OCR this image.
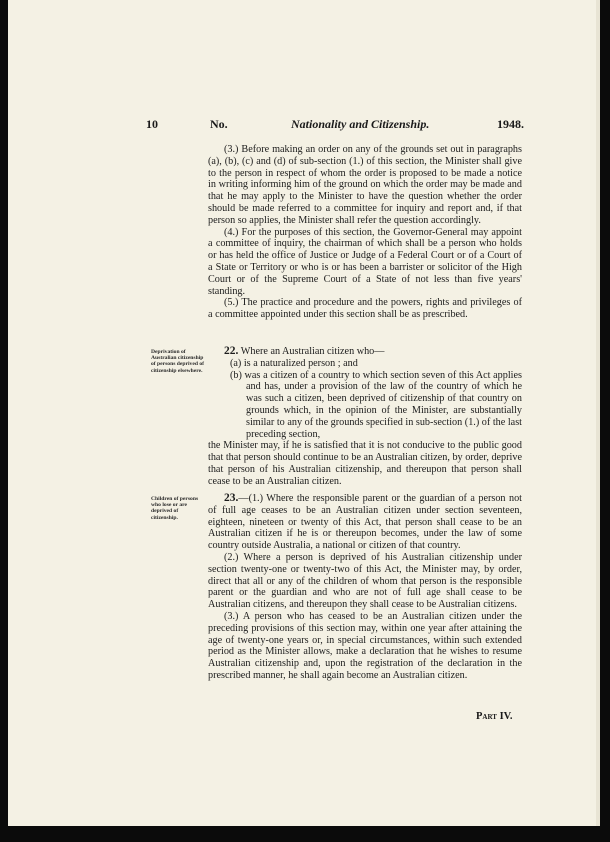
10	No.	Nationality and Citizenship.	1948.

(3.) Before making an order on any of the grounds set out in paragraphs (a), (b), (c) and (d) of sub-section (1.) of this section, the Minister shall give to the person in respect of whom the order is proposed to be made a notice in writing informing him of the ground on which the order may be made and that he may apply to the Minister to have the question whether the order should be made referred to a committee for inquiry and report and, if that person so applies, the Minister shall refer the question accordingly.

(4.) For the purposes of this section, the Governor-General may appoint a committee of inquiry, the chairman of which shall be a person who holds or has held the office of Justice or Judge of a Federal Court or of a Court of a State or Territory or who is or has been a barrister or solicitor of the High Court or of the Supreme Court of a State of not less than five years' standing.

(5.) The practice and procedure and the powers, rights and privileges of a committee appointed under this section shall be as prescribed.

Deprivation of Australian citizenship of persons deprived of citizenship elsewhere.

22. Where an Australian citizen who—

(a) is a naturalized person ; and

(b) was a citizen of a country to which section seven of this Act applies and has, under a provision of the law of the country of which he was such a citizen, been deprived of citizenship of that country on grounds which, in the opinion of the Minister, are substantially similar to any of the grounds specified in sub-section (1.) of the last preceding section,

the Minister may, if he is satisfied that it is not conducive to the public good that that person should continue to be an Australian citizen, by order, deprive that person of his Australian citizenship, and thereupon that person shall cease to be an Australian citizen.

Children of persons who lose or are deprived of citizenship.

23.—(1.) Where the responsible parent or the guardian of a person not of full age ceases to be an Australian citizen under section seventeen, eighteen, nineteen or twenty of this Act, that person shall cease to be an Australian citizen if he is or thereupon becomes, under the law of some country outside Australia, a national or citizen of that country.

(2.) Where a person is deprived of his Australian citizenship under section twenty-one or twenty-two of this Act, the Minister may, by order, direct that all or any of the children of whom that person is the responsible parent or the guardian and who are not of full age shall cease to be Australian citizens, and thereupon they shall cease to be Australian citizens.

(3.) A person who has ceased to be an Australian citizen under the preceding provisions of this section may, within one year after attaining the age of twenty-one years or, in special circumstances, within such extended period as the Minister allows, make a declaration that he wishes to resume Australian citizenship and, upon the registration of the declaration in the prescribed manner, he shall again become an Australian citizen.

Part IV.
